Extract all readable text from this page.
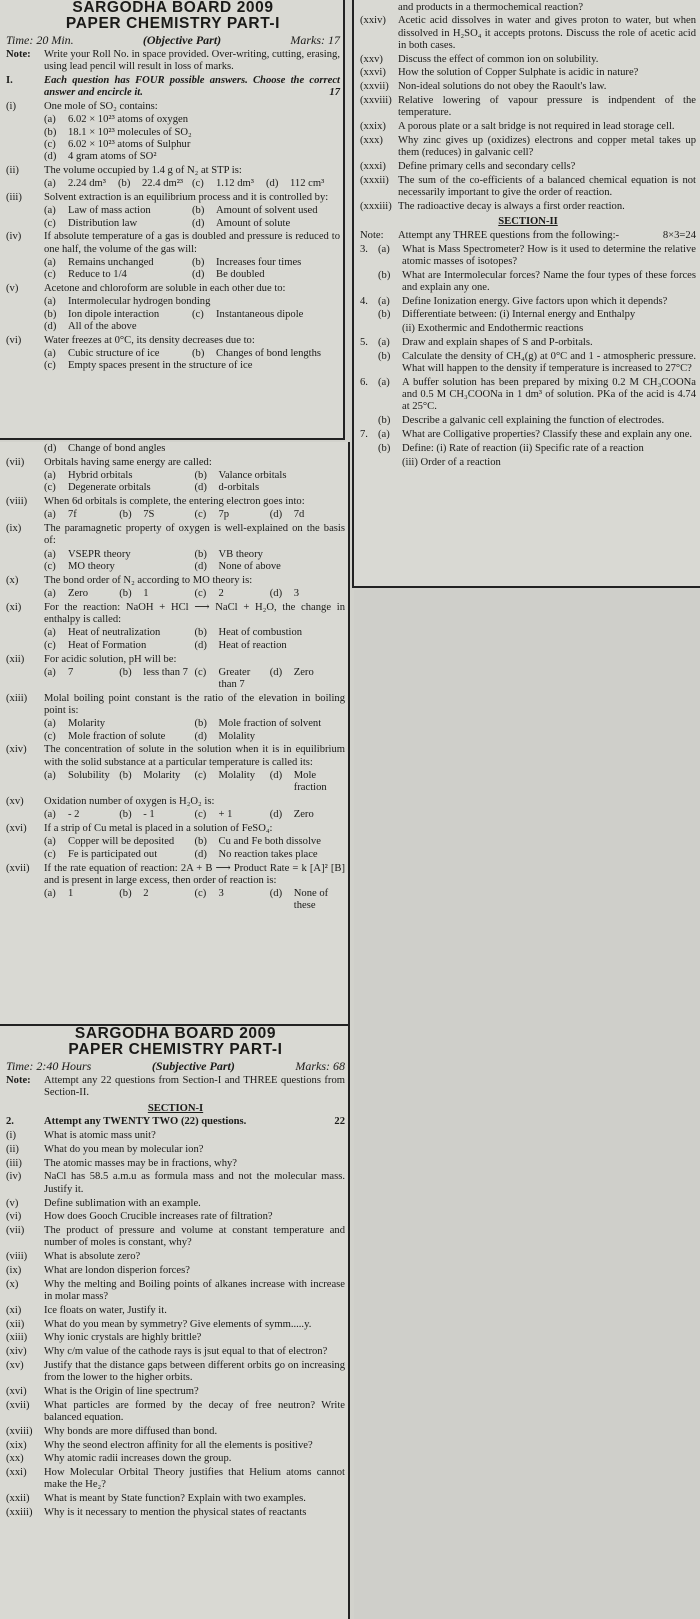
SARGODHA BOARD 2009
PAPER CHEMISTRY PART-I
Time: 20 Min.	(Objective Part)	Marks: 17
Note:	Write your Roll No. in space provided. Over-writing, cutting, erasing, using lead pencil will result in loss of marks.
I.	Each question has FOUR possible answers. Choose the correct answer and encircle it.	17
(i)	One mole of SO₂ contains:
(a)	6.02 × 10²³ atoms of oxygen
(b)	18.1 × 10²³ molecules of SO₂
(c)	6.02 × 10²³ atoms of Sulphur
(d)	4 gram atoms of SO²
(ii)	The volume occupied by 1.4 g of N₂ at STP is:
(a)	2.24 dm³ (b)	22.4 dm²³ (c)	1.12 dm³ (d)	112 cm³
(iii)	Solvent extraction is an equilibrium process and it is controlled by:
(a)	Law of mass action	(b)	Amount of solvent used
(c)	Distribution law	(d)	Amount of solute
(iv)	If absolute temperature of a gas is doubled and pressure is reduced to one half, the volume of the gas will:
(a)	Remains unchanged	(b)	Increases four times
(c)	Reduce to 1/4	(d)	Be doubled
(v)	Acetone and chloroform are soluble in each other due to:
(a)	Intermolecular hydrogen bonding
(b)	Ion dipole interaction	(c)	Instantaneous dipole
(d)	All of the above
(vi)	Water freezes at 0°C, its density decreases due to:
(a)	Cubic structure of ice	(b)	Changes of bond lengths
(c)	Empty spaces present in the structure of ice
(d)	Change of bond angles
(vii)	Orbitals having same energy are called:
(a)	Hybrid orbitals	(b)	Valance orbitals
(c)	Degenerate orbitals	(d)	d-orbitals
(viii)	When 6d orbitals is complete, the entering electron goes into:
(a)	7f	(b)	7S	(c)	7p	(d)	7d
(ix)	The paramagnetic property of oxygen is well-explained on the basis of:
(a)	VSEPR theory	(b)	VB theory
(c)	MO theory	(d)	None of above
(x)	The bond order of N₂ according to MO theory is:
(a)	Zero	(b)	1	(c)	2	(d)	3
(xi)	For the reaction: NaOH + HCl ⟶ NaCl + H₂O, the change in enthalpy is called:
(a)	Heat of neutralization	(b)	Heat of combustion
(c)	Heat of Formation	(d)	Heat of reaction
(xii)	For acidic solution, pH will be:
(a)	7	(b)	less than 7 (c)	Greater than 7
(d)	Zero
(xiii)	Molal boiling point constant is the ratio of the elevation in boiling point is:
(a)	Molarity	(b)	Mole fraction of solvent
(c)	Mole fraction of solute	(d)	Molality
(xiv)	The concentration of solute in the solution when it is in equilibrium with the solid substance at a particular temperature is called its:
(a)	Solubility (b)	Molarity (c)	Molality (d)	Mole fraction
(xv)	Oxidation number of oxygen is H₂O₂ is:
(a)	- 2	(b)	- 1	(c)	+ 1	(d)	Zero
(xvi)	If a strip of Cu metal is placed in a solution of FeSO₄:
(a)	Copper will be deposited (b)	Cu and Fe both dissolve
(c)	Fe is participated out	(d)	No reaction takes place
(xvii)	If the rate equation of reaction: 2A + B ⟶ Product Rate = k [A]² [B] and is present in large excess, then order of reaction is:
(a)	1	(b)	2	(c)	3	(d)	None of these
SARGODHA BOARD 2009
PAPER CHEMISTRY PART-I
Time: 2:40 Hours	(Subjective Part)	Marks: 68
Note:	Attempt any 22 questions from Section-I and THREE questions from Section-II.
SECTION-I
2.	Attempt any TWENTY TWO (22) questions.	22
(i)	What is atomic mass unit?
(ii)	What do you mean by molecular ion?
(iii)	The atomic masses may be in fractions, why?
(iv)	NaCl has 58.5 a.m.u as formula mass and not the molecular mass. Justify it.
(v)	Define sublimation with an example.
(vi)	How does Gooch Crucible increases rate of filtration?
(vii)	The product of pressure and volume at constant temperature and number of moles is constant, why?
(viii)	What is absolute zero?
(ix)	What are london disperion forces?
(x)	Why the melting and Boiling points of alkanes increase with increase in molar mass?
(xi)	Ice floats on water, Justify it.
(xii)	What do you mean by symmetry? Give elements of symm.....y.
(xiii)	Why ionic crystals are highly brittle?
(xiv)	Why c/m value of the cathode rays is jsut equal to that of electron?
(xv)	Justify that the distance gaps between different orbits go on increasing from the lower to the higher orbits.
(xvi)	What is the Origin of line spectrum?
(xvii)	What particles are formed by the decay of free neutron? Write balanced equation.
(xviii)	Why bonds are more diffused than bond.
(xix)	Why the seond electron affinity for all the elements is positive?
(xx)	Why atomic radii increases down the group.
(xxi)	How Molecular Orbital Theory justifies that Helium atoms cannot make the He₂?
(xxii)	What is meant by State function? Explain with two examples.
(xxiii)	Why is it necessary to mention the physical states of reactants
and products in a thermochemical reaction?
(xxiv)	Acetic acid dissolves in water and gives proton to water, but when dissolved in H₂SO₄ it accepts protons. Discuss the role of acetic acid in both cases.
(xxv)	Discuss the effect of common ion on solubility.
(xxvi)	How the solution of Copper Sulphate is acidic in nature?
(xxvii) Non-ideal solutions do not obey the Raoult's law.
(xxviii) Relative lowering of vapour pressure is indpendent of the temperature.
(xxix)	A porous plate or a salt bridge is not required in lead storage cell.
(xxx)	Why zinc gives up (oxidizes) electrons and copper metal takes up them (reduces) in galvanic cell?
(xxxi)	Define primary cells and secondary cells?
(xxxii) The sum of the co-efficients of a balanced chemical equation is not necessarily important to give the order of reaction.
(xxxiii) The radioactive decay is always a first order reaction.
SECTION-II
Note:	Attempt any THREE questions from the following:-	8×3=24
3. (a)	What is Mass Spectrometer? How is it used to determine the relative atomic masses of isotopes?
(b)	What are Intermolecular forces? Name the four types of these forces and explain any one.
4. (a)	Define Ionization energy. Give factors upon which it depends?
(b)	Differentiate between: (i) Internal energy and Enthalpy
(ii) Exothermic and Endothermic reactions
5. (a)	Draw and explain shapes of S and P-orbitals.
(b)	Calculate the density of CH₄(g) at 0°C and 1 - atmospheric pressure. What will happen to the density if temperature is increased to 27°C?
6. (a)	A buffer solution has been prepared by mixing 0.2 M CH₃COONa and 0.5 M CH₃COONa in 1 dm³ of solution. PKa of the acid is 4.74 at 25°C.
(b)	Describe a galvanic cell explaining the function of electrodes.
7. (a)	What are Colligative properties? Classify these and explain any one.
(b)	Define: (i) Rate of reaction (ii) Specific rate of a reaction
(iii) Order of a reaction
